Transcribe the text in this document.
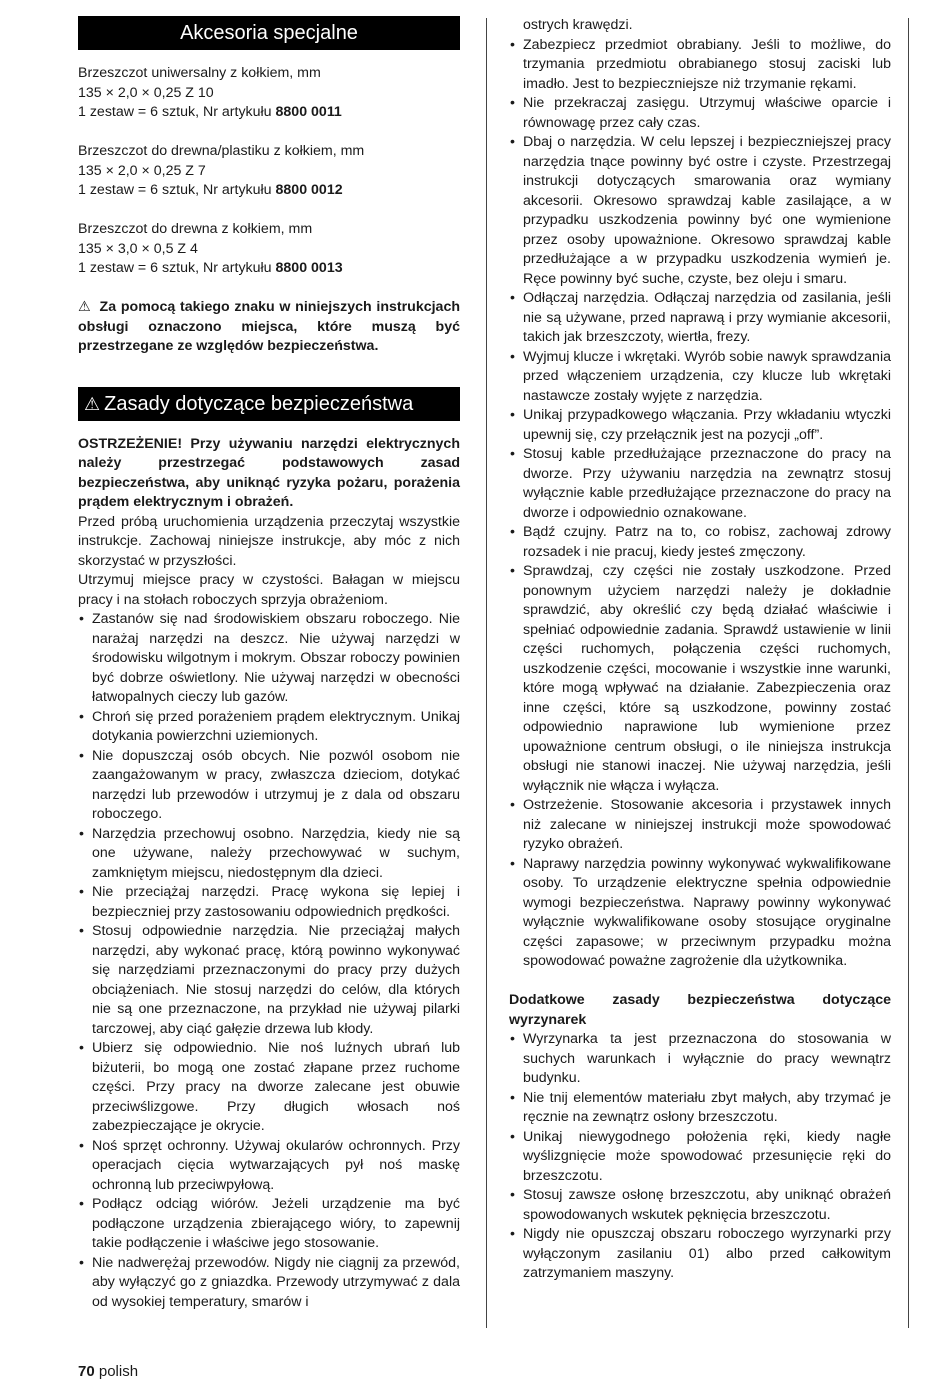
Akcesoria specjalne
Brzeszczot uniwersalny z kołkiem, mm
135 × 2,0 × 0,25 Z 10
1 zestaw = 6 sztuk, Nr artykułu 8800 0011
Brzeszczot do drewna/plastiku z kołkiem, mm
135 × 2,0 × 0,25 Z 7
1 zestaw = 6 sztuk, Nr artykułu 8800 0012
Brzeszczot do drewna z kołkiem, mm
135 × 3,0 × 0,5 Z 4
1 zestaw = 6 sztuk, Nr artykułu 8800 0013
⚠ Za pomocą takiego znaku w niniejszych instrukcjach obsługi oznaczono miejsca, które muszą być przestrzegane ze względów bezpieczeństwa.
⚠ Zasady dotyczące bezpieczeństwa

OSTRZEŻENIE! Przy używaniu narzędzi elektrycznych należy przestrzegać podstawowych zasad bezpieczeństwa, aby uniknąć ryzyka pożaru, porażenia prądem elektrycznym i obrażeń.

Przed próbą uruchomienia urządzenia przeczytaj wszystkie instrukcje. Zachowaj niniejsze instrukcje, aby móc z nich skorzystać w przyszłości.

Utrzymuj miejsce pracy w czystości. Bałagan w miejscu pracy i na stołach roboczych sprzyja obrażeniom.

• Zastanów się nad środowiskiem obszaru roboczego. Nie narażaj narzędzi na deszcz. Nie używaj narzędzi w środowisku wilgotnym i mokrym. Obszar roboczy powinien być dobrze oświetlony. Nie używaj narzędzi w obecności łatwopalnych cieczy lub gazów.
• Chroń się przed porażeniem prądem elektrycznym. Unikaj dotykania powierzchni uziemionych.
• Nie dopuszczaj osób obcych. Nie pozwól osobom nie zaangażowanym w pracy, zwłaszcza dzieciom, dotykać narzędzi lub przewodów i utrzymuj je z dala od obszaru roboczego.
• Narzędzia przechowuj osobno. Narzędzia, kiedy nie są one używane, należy przechowywać w suchym, zamkniętym miejscu, niedostępnym dla dzieci.
• Nie przeciążaj narzędzi. Pracę wykona się lepiej i bezpieczniej przy zastosowaniu odpowiednich prędkości.
• Stosuj odpowiednie narzędzia. Nie przeciążaj małych narzędzi, aby wykonać pracę, którą powinno wykonywać się narzędziami przeznaczonymi do pracy przy dużych obciążeniach. Nie stosuj narzędzi do celów, dla których nie są one przeznaczone, na przykład nie używaj pilarki tarczowej, aby ciąć gałęzie drzewa lub kłody.
• Ubierz się odpowiednio. Nie noś luźnych ubrań lub biżuterii, bo mogą one zostać złapane przez ruchome części. Przy pracy na dworze zalecane jest obuwie przeciwślizgowe. Przy długich włosach noś zabezpieczające je okrycie.
• Noś sprzęt ochronny. Używaj okularów ochronnych. Przy operacjach cięcia wytwarzających pył noś maskę ochronną lub przeciwpyłową.
• Podłącz odciąg wiórów. Jeżeli urządzenie ma być podłączone urządzenia zbierającego wióry, to zapewnij takie podłączenie i właściwe jego stosowanie.
• Nie nadwerężaj przewodów. Nigdy nie ciągnij za przewód, aby wyłączyć go z gniazdka. Przewody utrzymywać z dala od wysokiej temperatury, smarów i
ostrych krawędzi.
• Zabezpiecz przedmiot obrabiany. Jeśli to możliwe, do trzymania przedmiotu obrabianego stosuj zaciski lub imadło. Jest to bezpieczniejsze niż trzymanie rękami.
• Nie przekraczaj zasięgu. Utrzymuj właściwe oparcie i równowagę przez cały czas.
• Dbaj o narzędzia. W celu lepszej i bezpieczniejszej pracy narzędzia tnące powinny być ostre i czyste. Przestrzegaj instrukcji dotyczących smarowania oraz wymiany akcesorii. Okresowo sprawdzaj kable zasilające, a w przypadku uszkodzenia powinny być one wymienione przez osoby upoważnione. Okresowo sprawdzaj kable przedłużające a w przypadku uszkodzenia wymień je. Ręce powinny być suche, czyste, bez oleju i smaru.
• Odłączaj narzędzia. Odłączaj narzędzia od zasilania, jeśli nie są używane, przed naprawą i przy wymianie akcesorii, takich jak brzeszczoty, wiertła, frezy.
• Wyjmuj klucze i wkrętaki. Wyrób sobie nawyk sprawdzania przed włączeniem urządzenia, czy klucze lub wkrętaki nastawcze zostały wyjęte z narzędzia.
• Unikaj przypadkowego włączania. Przy wkładaniu wtyczki upewnij się, czy przełącznik jest na pozycji „off”.
• Stosuj kable przedłużające przeznaczone do pracy na dworze. Przy używaniu narzędzia na zewnątrz stosuj wyłącznie kable przedłużające przeznaczone do pracy na dworze i odpowiednio oznakowane.
• Bądź czujny. Patrz na to, co robisz, zachowaj zdrowy rozsadek i nie pracuj, kiedy jesteś zmęczony.
• Sprawdzaj, czy części nie zostały uszkodzone. Przed ponownym użyciem narzędzi należy je dokładnie sprawdzić, aby określić czy będą działać właściwie i spełniać odpowiednie zadania. Sprawdź ustawienie w linii części ruchomych, połączenia części ruchomych, uszkodzenie części, mocowanie i wszystkie inne warunki, które mogą wpływać na działanie. Zabezpieczenia oraz inne części, które są uszkodzone, powinny zostać odpowiednio naprawione lub wymienione przez upoważnione centrum obsługi, o ile niniejsza instrukcja obsługi nie stanowi inaczej. Nie używaj narzędzia, jeśli wyłącznik nie włącza i wyłącza.
• Ostrzeżenie. Stosowanie akcesoria i przystawek innych niż zalecane w niniejszej instrukcji może spowodować ryzyko obrażeń.
• Naprawy narzędzia powinny wykonywać wykwalifikowane osoby. To urządzenie elektryczne spełnia odpowiednie wymogi bezpieczeństwa. Naprawy powinny wykonywać wyłącznie wykwalifikowane osoby stosujące oryginalne części zapasowe; w przeciwnym przypadku można spowodować poważne zagrożenie dla użytkownika.
Dodatkowe zasady bezpieczeństwa dotyczące wyrzynarek
• Wyrzynarka ta jest przeznaczona do stosowania w suchych warunkach i wyłącznie do pracy wewnątrz budynku.
• Nie tnij elementów materiału zbyt małych, aby trzymać je ręcznie na zewnątrz osłony brzeszczotu.
• Unikaj niewygodnego położenia ręki, kiedy nagłe wyślizgnięcie może spowodować przesunięcie ręki do brzeszczotu.
• Stosuj zawsze osłonę brzeszczotu, aby uniknąć obrażeń spowodowanych wskutek pęknięcia brzeszczotu.
• Nigdy nie opuszczaj obszaru roboczego wyrzynarki przy wyłączonym zasilaniu 01) albo przed całkowitym zatrzymaniem maszyny.
70 polish
